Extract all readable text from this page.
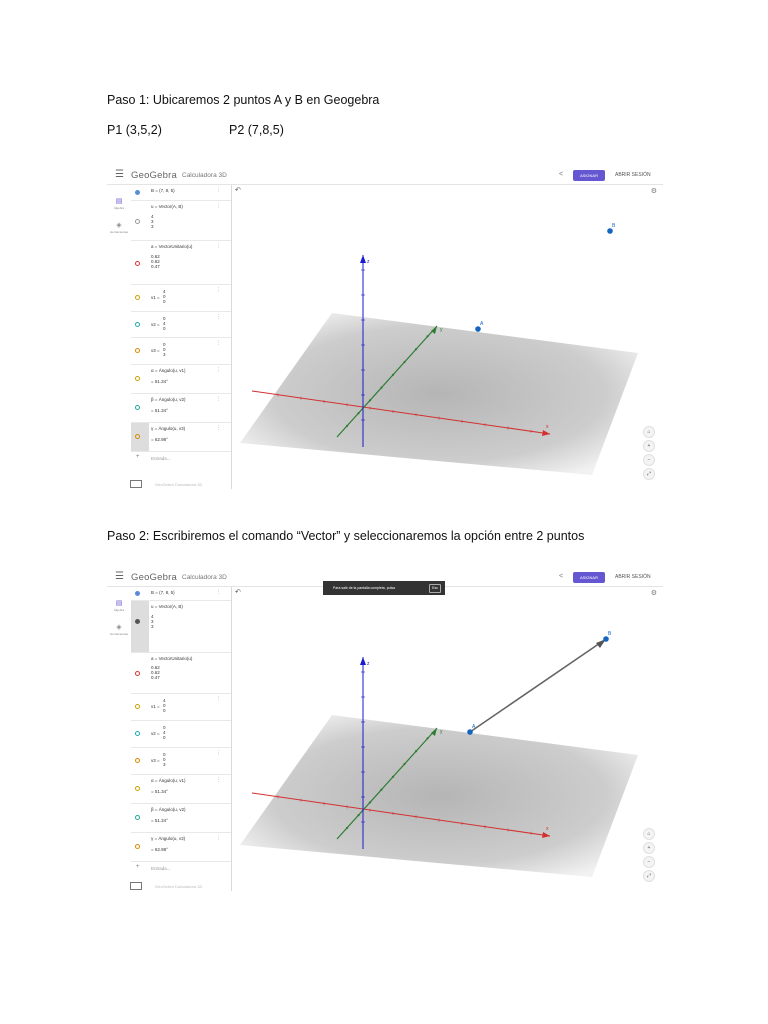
Paso 1: Ubicaremos 2 puntos A y B en Geogebra
P1 (3,5,2)	P2 (7,8,5)
Paso 2: Escribiremos el comando “Vector” y seleccionaremos la opción entre 2 puntos
☰ GeoGebra Calculadora 3D	<	ASIGNAR	ABRIR SESIÓN
▤
Álgebra
◈
Herramientas
B = (7, 8, 5)	⋮
u = Vector(A, B)
4
3
3
⋮
a = VectorUnitario(u)
0.62
0.62
0.47
⋮
v1 =
4
0
0
⋮
v2 =
0
4
0
⋮
v3 =
0
0
3
⋮
α = Ángulo(u, v1)
= 51.34°
⋮
β = Ángulo(u, v2)
= 51.34°
⋮
γ = Ángulo(u, v3)
= 62.98°
⋮
+	Entrada...
GeoGebra Calculadora 3D
↶	⚙
z
y
x
A
B
⌂
+
−
⤢
☰ GeoGebra Calculadora 3D	<	ASIGNAR	ABRIR SESIÓN
▤
Álgebra
◈
Herramientas
B = (7, 8, 5)	⋮
u = Vector(A, B)
4
3
3
a = VectorUnitario(u)
0.62
0.62
0.47
v1 =
4
0
0
⋮
v2 =
0
4
0
v3 =
0
0
3
⋮
α = Ángulo(u, v1)
= 51.34°
⋮
β = Ángulo(u, v2)
= 51.34°
γ = Ángulo(u, v3)
= 62.98°
⋮
+	Entrada...
GeoGebra Calculadora 3D
↶	⚙
z
y
x
A
B
⌂
+
−
⤢
Para salir de la pantalla completa, pulsa	Esc
